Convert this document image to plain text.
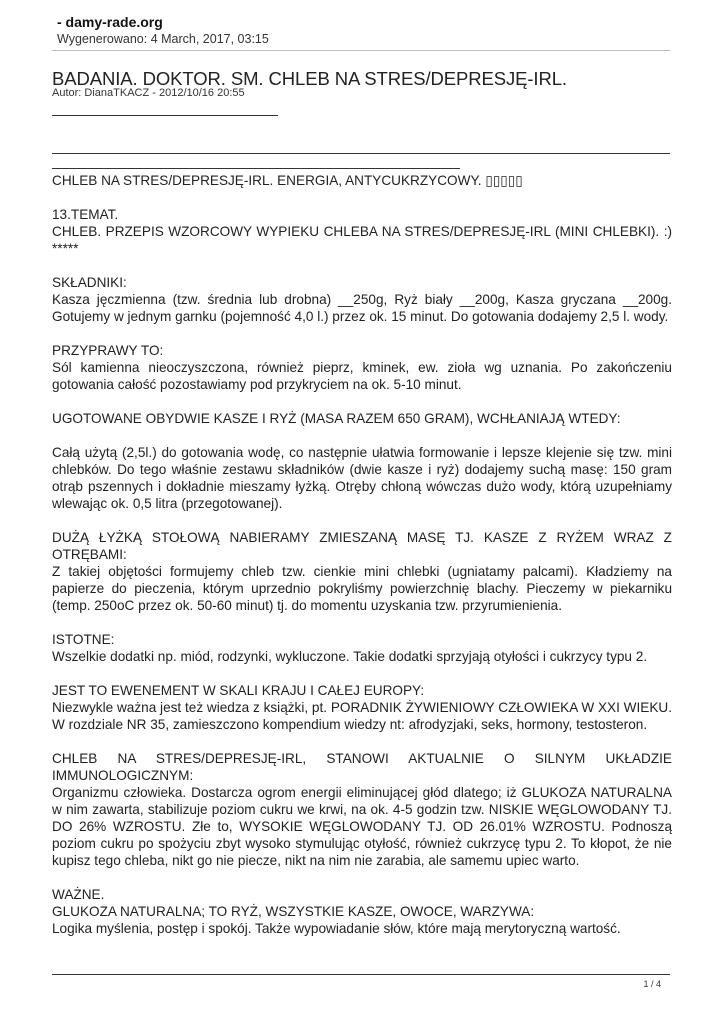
- damy-rade.org
Wygenerowano: 4 March, 2017, 03:15
BADANIA. DOKTOR. SM. CHLEB NA STRES/DEPRESJĘ-IRL.
Autor: DianaTKACZ - 2012/10/16 20:55

CHLEB NA STRES/DEPRESJĘ-IRL. ENERGIA, ANTYCUKRZYCOWY. ▯▯▯▯▯

13.TEMAT.
CHLEB. PRZEPIS WZORCOWY WYPIEKU CHLEBA NA STRES/DEPRESJĘ-IRL (MINI CHLEBKI). :) *****

SKŁADNIKI:
Kasza jęczmienna (tzw. średnia lub drobna) __250g, Ryż biały __200g, Kasza gryczana __200g. Gotujemy w jednym garnku (pojemność 4,0 l.) przez ok. 15 minut. Do gotowania dodajemy 2,5 l. wody.

PRZYPRAWY TO:
Sól kamienna nieoczyszczona, również pieprz, kminek, ew. zioła wg uznania. Po zakończeniu gotowania całość pozostawiamy pod przykryciem na ok. 5-10 minut.

UGOTOWANE OBYDWIE KASZE I RYŻ (MASA RAZEM 650 GRAM), WCHŁANIAJĄ WTEDY:

Całą użytą (2,5l.) do gotowania wodę, co następnie ułatwia formowanie i lepsze klejenie się tzw. mini chlebków. Do tego właśnie zestawu składników (dwie kasze i ryż) dodajemy suchą masę: 150 gram otrąb pszennych i dokładnie mieszamy łyżką. Otręby chłoną wówczas dużo wody, którą uzupełniamy wlewając ok. 0,5 litra (przegotowanej).

DUŻĄ ŁYŻKĄ STOŁOWĄ NABIERAMY ZMIESZANĄ MASĘ TJ. KASZE Z RYŻEM WRAZ Z OTRĘBAMI:
Z takiej objętości formujemy chleb tzw. cienkie mini chlebki (ugniatamy palcami). Kładziemy na papierze do pieczenia, którym uprzednio pokryliśmy powierzchnię blachy. Pieczemy w piekarniku (temp. 250oC przez ok. 50-60 minut) tj. do momentu uzyskania tzw. przyrumienienia.

ISTOTNE:
Wszelkie dodatki np. miód, rodzynki, wykluczone. Takie dodatki sprzyjają otyłości i cukrzycy typu 2.

JEST TO EWENEMENT W SKALI KRAJU I CAŁEJ EUROPY:
Niezwykle ważna jest też wiedza z książki, pt. PORADNIK ŻYWIENIOWY CZŁOWIEKA W XXI WIEKU. W rozdziale NR 35, zamieszczono kompendium wiedzy nt: afrodyzjaki, seks, hormony, testosteron.

CHLEB NA STRES/DEPRESJĘ-IRL, STANOWI AKTUALNIE O SILNYM UKŁADZIE IMMUNOLOGICZNYM:
Organizmu człowieka. Dostarcza ogrom energii eliminującej głód dlatego; iż GLUKOZA NATURALNA w nim zawarta, stabilizuje poziom cukru we krwi, na ok. 4-5 godzin tzw. NISKIE WĘGLOWODANY TJ. DO 26% WZROSTU. Złe to, WYSOKIE WĘGLOWODANY TJ. OD 26.01% WZROSTU. Podnoszą poziom cukru po spożyciu zbyt wysoko stymulując otyłość, również cukrzycę typu 2. To kłopot, że nie kupisz tego chleba, nikt go nie piecze, nikt na nim nie zarabia, ale samemu upiec warto.

WAŻNE.
GLUKOZA NATURALNA; TO RYŻ, WSZYSTKIE KASZE, OWOCE, WARZYWA:
Logika myślenia, postęp i spokój. Także wypowiadanie słów, które mają merytoryczną wartość.

1 / 4
